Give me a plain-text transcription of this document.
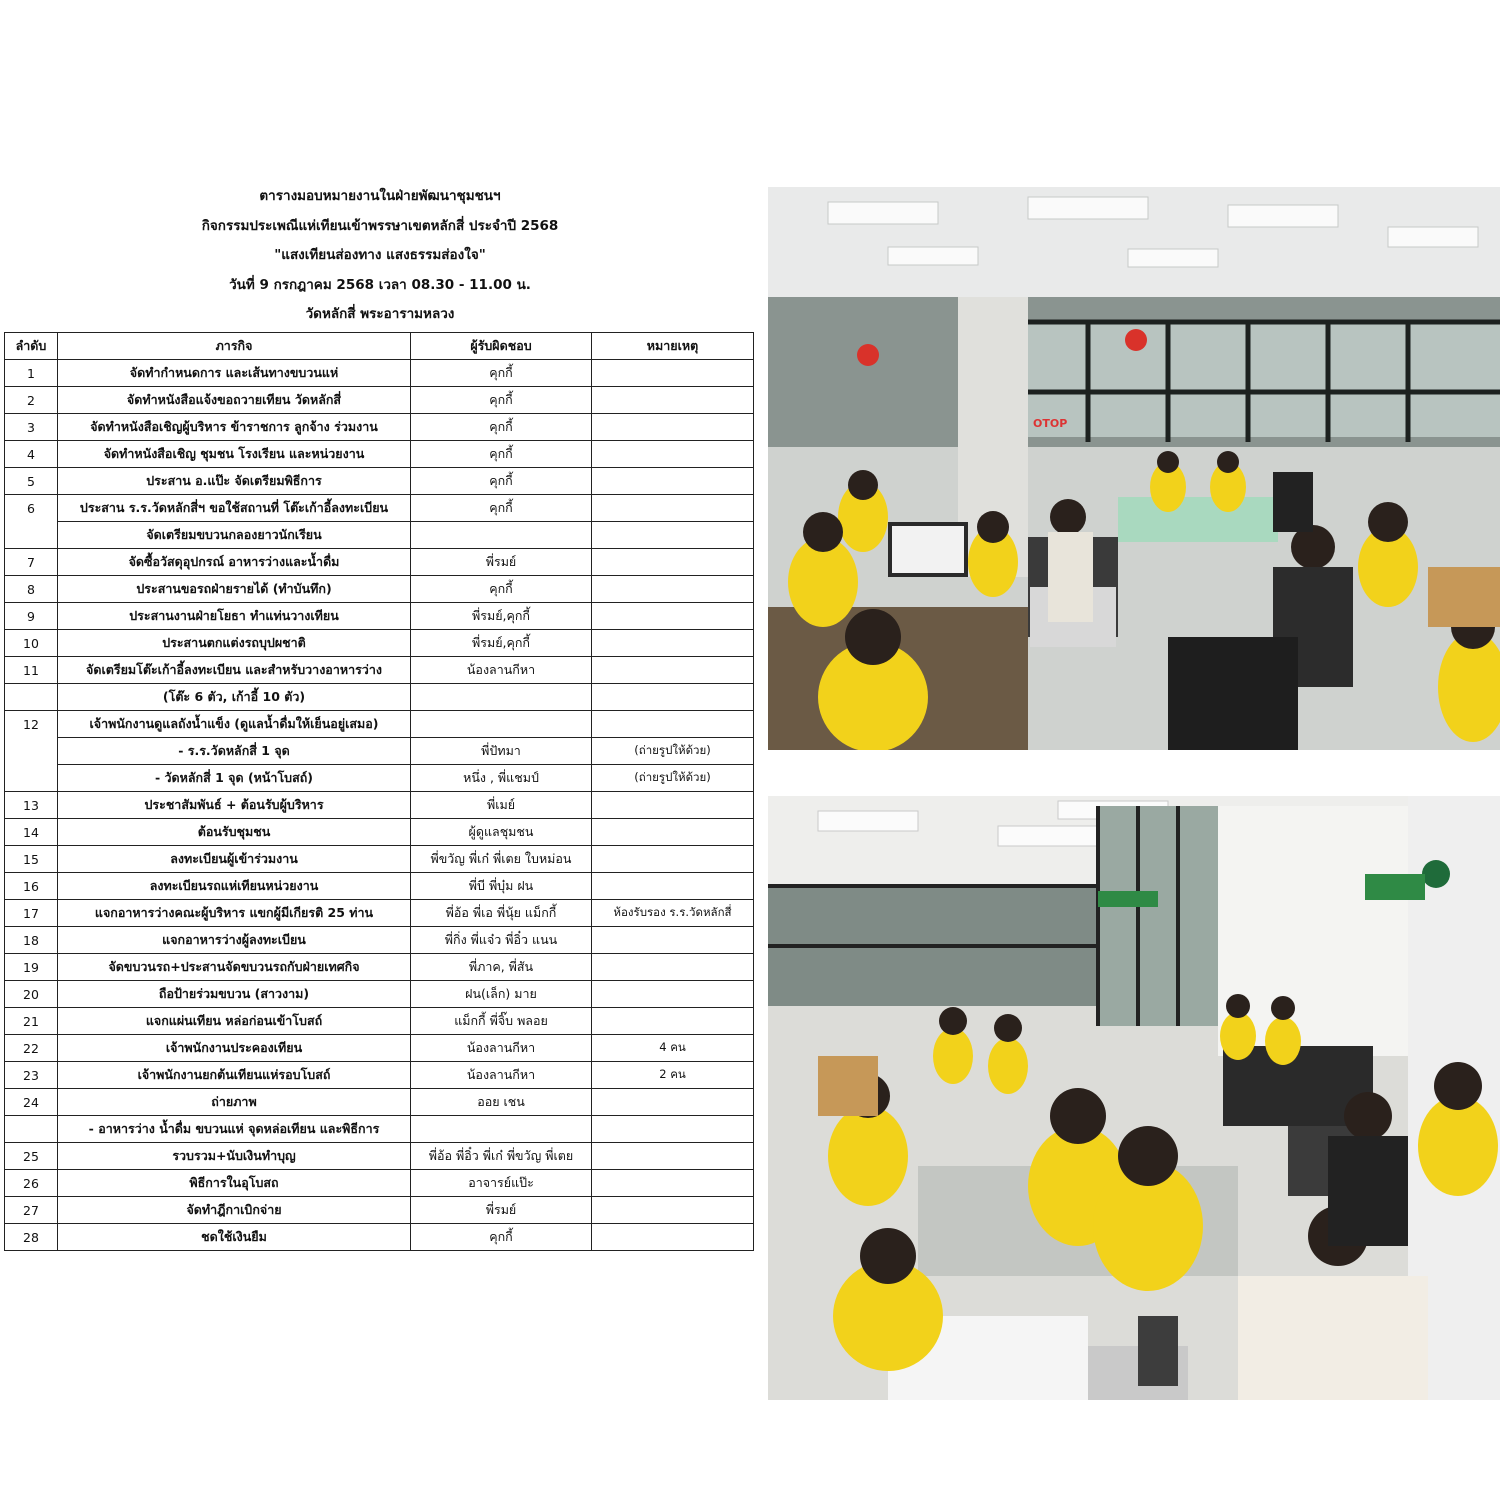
ตารางมอบหมายงานในฝ่ายพัฒนาชุมชนฯ
กิจกรรมประเพณีแห่เทียนเข้าพรรษาเขตหลักสี่ ประจำปี 2568
"แสงเทียนส่องทาง แสงธรรมส่องใจ"
วันที่ 9 กรกฎาคม 2568 เวลา 08.30 - 11.00 น.
วัดหลักสี่ พระอารามหลวง
ลำดับ	ภารกิจ	ผู้รับผิดชอบ	หมายเหตุ
1	จัดทำกำหนดการ และเส้นทางขบวนแห่	คุกกี้	
2	จัดทำหนังสือแจ้งขอถวายเทียน วัดหลักสี่	คุกกี้	
3	จัดทำหนังสือเชิญผู้บริหาร ข้าราชการ ลูกจ้าง ร่วมงาน	คุกกี้	
4	จัดทำหนังสือเชิญ ชุมชน โรงเรียน และหน่วยงาน	คุกกี้	
5	ประสาน อ.แป๊ะ จัดเตรียมพิธีการ	คุกกี้	
6	ประสาน ร.ร.วัดหลักสี่ฯ ขอใช้สถานที่ โต๊ะเก้าอี้ลงทะเบียน	คุกกี้	
	จัดเตรียมขบวนกลองยาวนักเรียน		
7	จัดซื้อวัสดุอุปกรณ์ อาหารว่างและน้ำดื่ม	พี่รมย์	
8	ประสานขอรถฝ่ายรายได้ (ทำบันทึก)	คุกกี้	
9	ประสานงานฝ่ายโยธา ทำแท่นวางเทียน	พี่รมย์,คุกกี้	
10	ประสานตกแต่งรถบุปผชาติ	พี่รมย์,คุกกี้	
11	จัดเตรียมโต๊ะเก้าอี้ลงทะเบียน และสำหรับวางอาหารว่าง	น้องลานกีหา	
	(โต๊ะ 6 ตัว, เก้าอี้ 10 ตัว)		
12	เจ้าพนักงานดูแลถังน้ำแข็ง (ดูแลน้ำดื่มให้เย็นอยู่เสมอ)		
	- ร.ร.วัดหลักสี่ 1 จุด	พี่ปัทมา	(ถ่ายรูปให้ด้วย)
	- วัดหลักสี่ 1 จุด (หน้าโบสถ์)	หนึ่ง , พี่แชมป์	(ถ่ายรูปให้ด้วย)
13	ประชาสัมพันธ์ + ต้อนรับผู้บริหาร	พี่เมย์	
14	ต้อนรับชุมชน	ผู้ดูแลชุมชน	
15	ลงทะเบียนผู้เข้าร่วมงาน	พี่ขวัญ พี่เก๋ พี่เตย ใบหม่อน	
16	ลงทะเบียนรถแห่เทียนหน่วยงาน	พี่บี พี่บุ๋ม ฝน	
17	แจกอาหารว่างคณะผู้บริหาร แขกผู้มีเกียรติ 25 ท่าน	พี่อ้อ พี่เอ พี่นุ้ย แม็กกี้	ห้องรับรอง ร.ร.วัดหลักสี่
18	แจกอาหารว่างผู้ลงทะเบียน	พี่กิ่ง พี่แจ๋ว พี่อิ๋ว แนน	
19	จัดขบวนรถ+ประสานจัดขบวนรถกับฝ่ายเทศกิจ	พี่ภาค, พี่สัน	
20	ถือป้ายร่วมขบวน (สาวงาม)	ฝน(เล็ก) มาย	
21	แจกแผ่นเทียน หล่อก่อนเข้าโบสถ์	แม็กกี้ พี่จิ๊บ พลอย	
22	เจ้าพนักงานประคองเทียน	น้องลานกีหา	4 คน
23	เจ้าพนักงานยกต้นเทียนแห่รอบโบสถ์	น้องลานกีหา	2 คน
24	ถ่ายภาพ	ออย เชน	
	- อาหารว่าง น้ำดื่ม ขบวนแห่ จุดหล่อเทียน และพิธีการ		
25	รวบรวม+นับเงินทำบุญ	พี่อ้อ พี่อิ๋ว พี่เก๋ พี่ขวัญ พี่เตย	
26	พิธีการในอุโบสถ	อาจารย์แป๊ะ	
27	จัดทำฎีกาเบิกจ่าย	พี่รมย์	
28	ชดใช้เงินยืม	คุกกี้	
OTOP
